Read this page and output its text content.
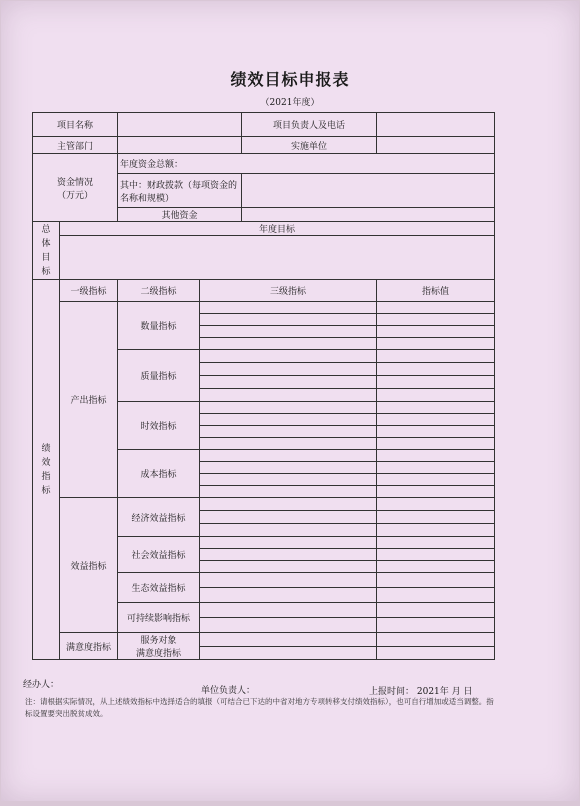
绩效目标申报表
（2021年度）
项目名称				项目负责人及电话	
主管部门				实施单位	

资金情况
（万元）		年度资金总额：			
		其中：财政拨款（每项资金的名称和规模）			
		其他资金			

总
体
目
标	年度目标				

绩
效
指
标	一级指标	二级指标	三级指标		指标值
	产出指标	数量指标			

		质量指标			

		时效指标			

		成本指标			

	效益指标	经济效益指标			

		社会效益指标			

		生态效益指标			

		可持续影响指标			

	满意度指标	服务对象
满意度指标			

经办人：
单位负责人：	上报时间： 2021年 月 日
注：请根据实际情况，从上述绩效指标中选择适合的填报（可结合已下达的中省对地方专项转移支付绩效指标），也可自行增加或适当调整。指标设置要突出脱贫成效。
